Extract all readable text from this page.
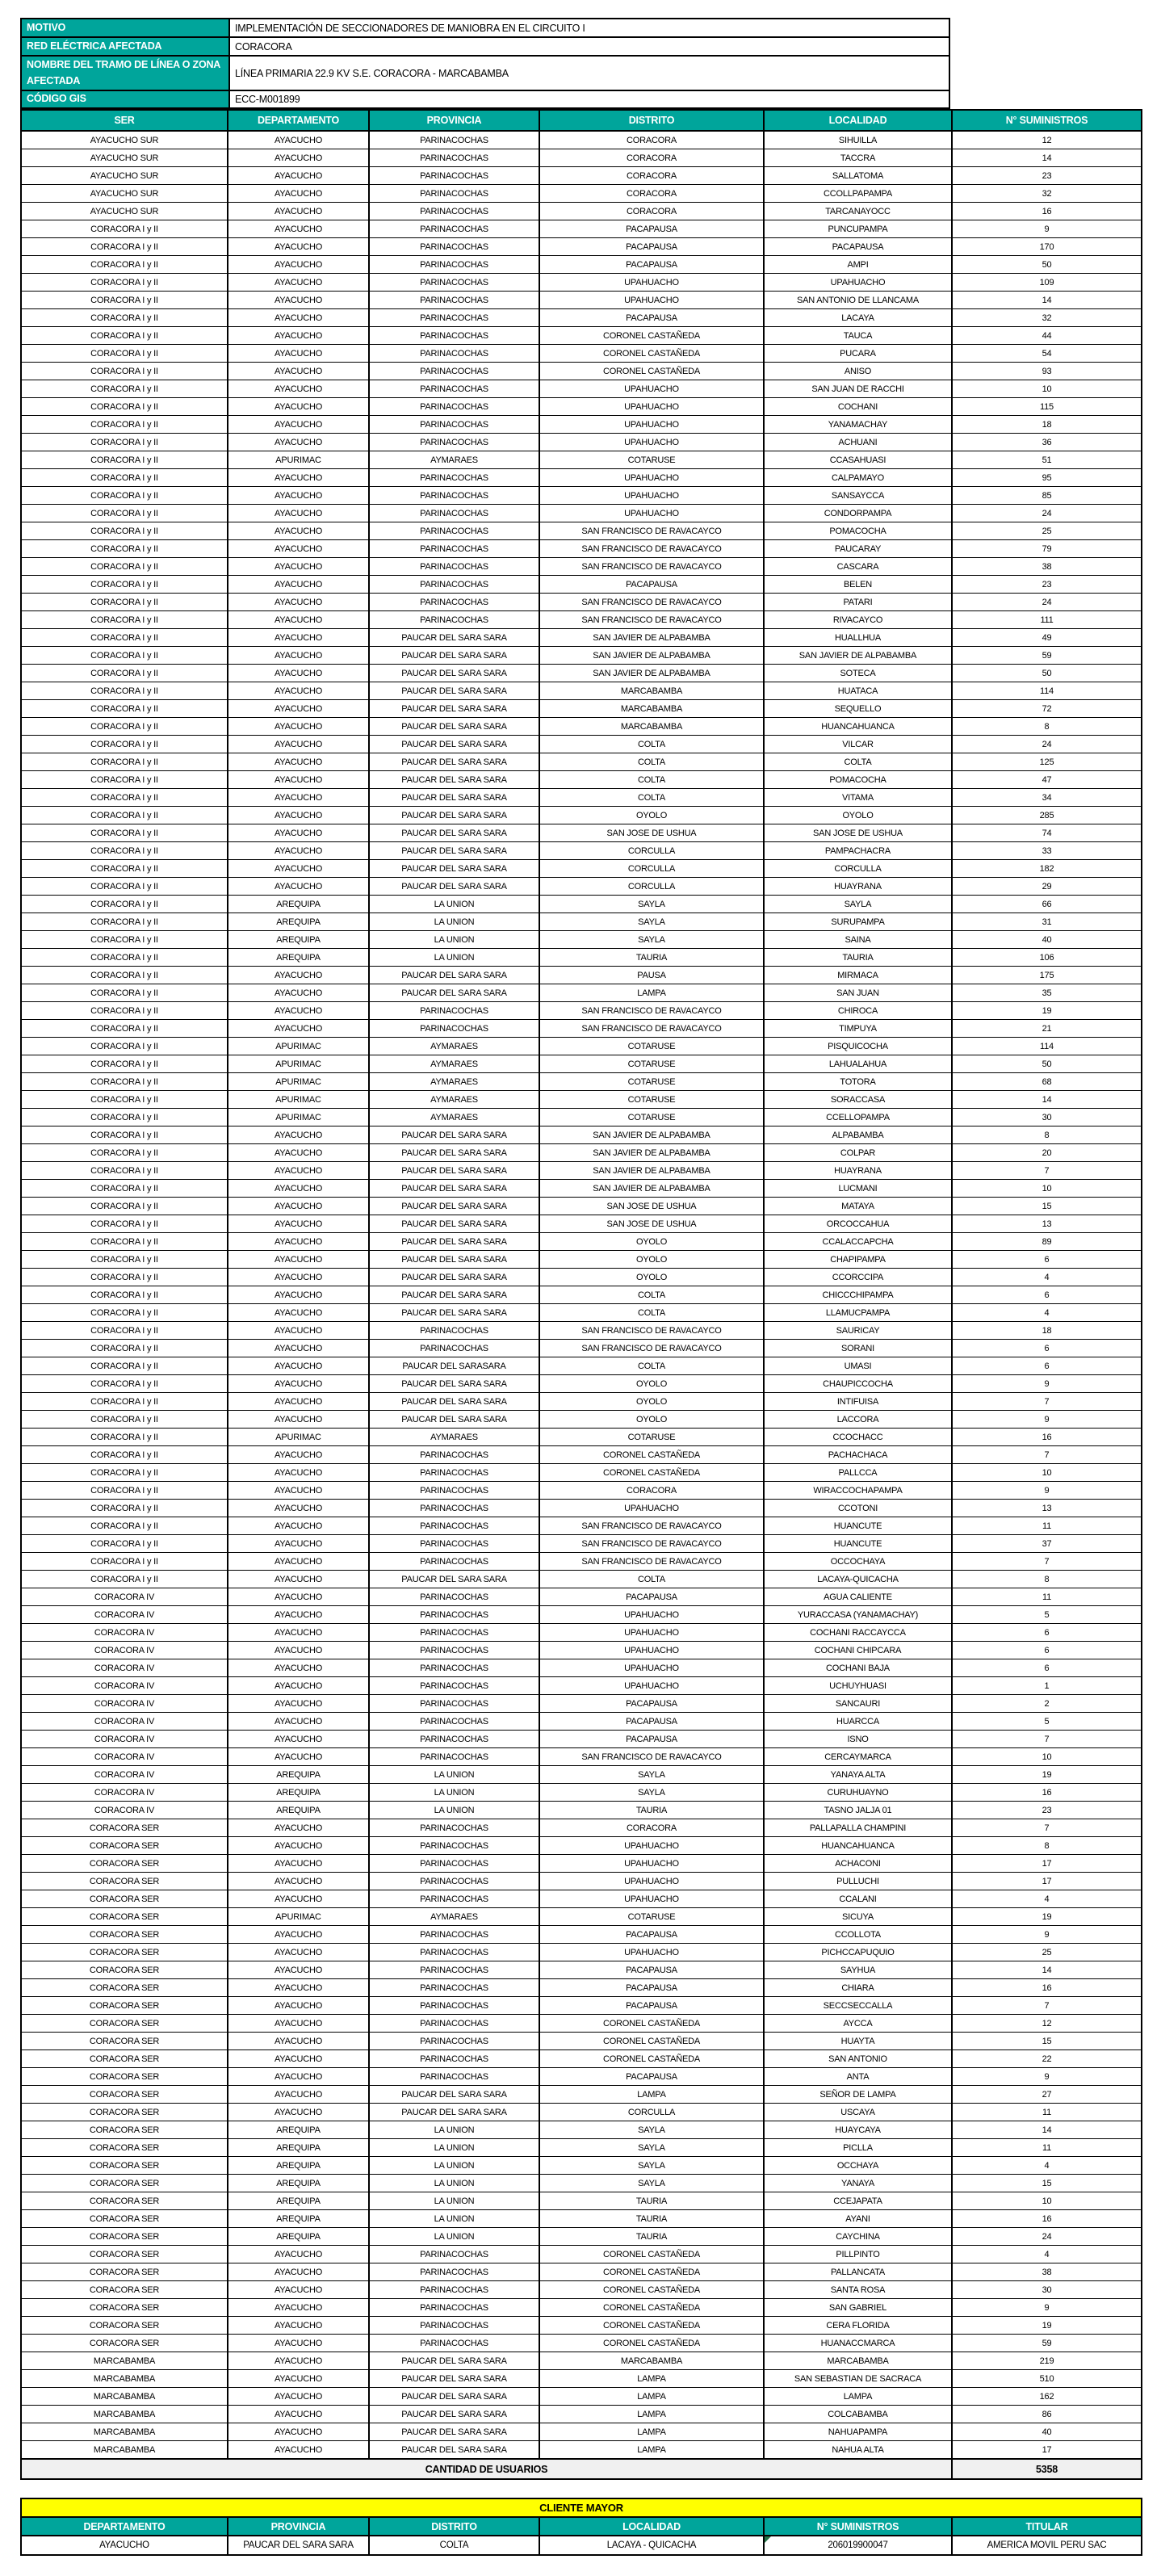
MOTIVO	IMPLEMENTACIÓN DE SECCIONADORES DE MANIOBRA EN EL CIRCUITO I
RED ELÉCTRICA AFECTADA	CORACORA
NOMBRE DEL TRAMO DE LÍNEA O ZONA AFECTADA	LÍNEA PRIMARIA 22.9 KV S.E. CORACORA - MARCABAMBA
CÓDIGO GIS	ECC-M001899
SER	DEPARTAMENTO	PROVINCIA	DISTRITO	LOCALIDAD	N° SUMINISTROS
AYACUCHO SUR	AYACUCHO	PARINACOCHAS	CORACORA	SIHUILLA	12
AYACUCHO SUR	AYACUCHO	PARINACOCHAS	CORACORA	TACCRA	14
AYACUCHO SUR	AYACUCHO	PARINACOCHAS	CORACORA	SALLATOMA	23
AYACUCHO SUR	AYACUCHO	PARINACOCHAS	CORACORA	CCOLLPAPAMPA	32
AYACUCHO SUR	AYACUCHO	PARINACOCHAS	CORACORA	TARCANAYOCC	16
CORACORA I y II	AYACUCHO	PARINACOCHAS	PACAPAUSA	PUNCUPAMPA	9
CORACORA I y II	AYACUCHO	PARINACOCHAS	PACAPAUSA	PACAPAUSA	170
CORACORA I y II	AYACUCHO	PARINACOCHAS	PACAPAUSA	AMPI	50
CORACORA I y II	AYACUCHO	PARINACOCHAS	UPAHUACHO	UPAHUACHO	109
CORACORA I y II	AYACUCHO	PARINACOCHAS	UPAHUACHO	SAN ANTONIO DE LLANCAMA	14
CORACORA I y II	AYACUCHO	PARINACOCHAS	PACAPAUSA	LACAYA	32
CORACORA I y II	AYACUCHO	PARINACOCHAS	CORONEL CASTAÑEDA	TAUCA	44
CORACORA I y II	AYACUCHO	PARINACOCHAS	CORONEL CASTAÑEDA	PUCARA	54
CORACORA I y II	AYACUCHO	PARINACOCHAS	CORONEL CASTAÑEDA	ANISO	93
CORACORA I y II	AYACUCHO	PARINACOCHAS	UPAHUACHO	SAN JUAN DE RACCHI	10
CORACORA I y II	AYACUCHO	PARINACOCHAS	UPAHUACHO	COCHANI	115
CORACORA I y II	AYACUCHO	PARINACOCHAS	UPAHUACHO	YANAMACHAY	18
CORACORA I y II	AYACUCHO	PARINACOCHAS	UPAHUACHO	ACHUANI	36
CORACORA I y II	APURIMAC	AYMARAES	COTARUSE	CCASAHUASI	51
CORACORA I y II	AYACUCHO	PARINACOCHAS	UPAHUACHO	CALPAMAYO	95
CORACORA I y II	AYACUCHO	PARINACOCHAS	UPAHUACHO	SANSAYCCA	85
CORACORA I y II	AYACUCHO	PARINACOCHAS	UPAHUACHO	CONDORPAMPA	24
CORACORA I y II	AYACUCHO	PARINACOCHAS	SAN FRANCISCO DE RAVACAYCO	POMACOCHA	25
CORACORA I y II	AYACUCHO	PARINACOCHAS	SAN FRANCISCO DE RAVACAYCO	PAUCARAY	79
CORACORA I y II	AYACUCHO	PARINACOCHAS	SAN FRANCISCO DE RAVACAYCO	CASCARA	38
CORACORA I y II	AYACUCHO	PARINACOCHAS	PACAPAUSA	BELEN	23
CORACORA I y II	AYACUCHO	PARINACOCHAS	SAN FRANCISCO DE RAVACAYCO	PATARI	24
CORACORA I y II	AYACUCHO	PARINACOCHAS	SAN FRANCISCO DE RAVACAYCO	RIVACAYCO	111
CORACORA I y II	AYACUCHO	PAUCAR DEL SARA SARA	SAN JAVIER DE ALPABAMBA	HUALLHUA	49
CORACORA I y II	AYACUCHO	PAUCAR DEL SARA SARA	SAN JAVIER DE ALPABAMBA	SAN JAVIER DE ALPABAMBA	59
CORACORA I y II	AYACUCHO	PAUCAR DEL SARA SARA	SAN JAVIER DE ALPABAMBA	SOTECA	50
CORACORA I y II	AYACUCHO	PAUCAR DEL SARA SARA	MARCABAMBA	HUATACA	114
CORACORA I y II	AYACUCHO	PAUCAR DEL SARA SARA	MARCABAMBA	SEQUELLO	72
CORACORA I y II	AYACUCHO	PAUCAR DEL SARA SARA	MARCABAMBA	HUANCAHUANCA	8
CORACORA I y II	AYACUCHO	PAUCAR DEL SARA SARA	COLTA	VILCAR	24
CORACORA I y II	AYACUCHO	PAUCAR DEL SARA SARA	COLTA	COLTA	125
CORACORA I y II	AYACUCHO	PAUCAR DEL SARA SARA	COLTA	POMACOCHA	47
CORACORA I y II	AYACUCHO	PAUCAR DEL SARA SARA	COLTA	VITAMA	34
CORACORA I y II	AYACUCHO	PAUCAR DEL SARA SARA	OYOLO	OYOLO	285
CORACORA I y II	AYACUCHO	PAUCAR DEL SARA SARA	SAN JOSE DE USHUA	SAN JOSE DE USHUA	74
CORACORA I y II	AYACUCHO	PAUCAR DEL SARA SARA	CORCULLA	PAMPACHACRA	33
CORACORA I y II	AYACUCHO	PAUCAR DEL SARA SARA	CORCULLA	CORCULLA	182
CORACORA I y II	AYACUCHO	PAUCAR DEL SARA SARA	CORCULLA	HUAYRANA	29
CORACORA I y II	AREQUIPA	LA UNION	SAYLA	SAYLA	66
CORACORA I y II	AREQUIPA	LA UNION	SAYLA	SURUPAMPA	31
CORACORA I y II	AREQUIPA	LA UNION	SAYLA	SAINA	40
CORACORA I y II	AREQUIPA	LA UNION	TAURIA	TAURIA	106
CORACORA I y II	AYACUCHO	PAUCAR DEL SARA SARA	PAUSA	MIRMACA	175
CORACORA I y II	AYACUCHO	PAUCAR DEL SARA SARA	LAMPA	SAN JUAN	35
CORACORA I y II	AYACUCHO	PARINACOCHAS	SAN FRANCISCO DE RAVACAYCO	CHIROCA	19
CORACORA I y II	AYACUCHO	PARINACOCHAS	SAN FRANCISCO DE RAVACAYCO	TIMPUYA	21
CORACORA I y II	APURIMAC	AYMARAES	COTARUSE	PISQUICOCHA	114
CORACORA I y II	APURIMAC	AYMARAES	COTARUSE	LAHUALAHUA	50
CORACORA I y II	APURIMAC	AYMARAES	COTARUSE	TOTORA	68
CORACORA I y II	APURIMAC	AYMARAES	COTARUSE	SORACCASA	14
CORACORA I y II	APURIMAC	AYMARAES	COTARUSE	CCELLOPAMPA	30
CORACORA I y II	AYACUCHO	PAUCAR DEL SARA SARA	SAN JAVIER DE ALPABAMBA	ALPABAMBA	8
CORACORA I y II	AYACUCHO	PAUCAR DEL SARA SARA	SAN JAVIER DE ALPABAMBA	COLPAR	20
CORACORA I y II	AYACUCHO	PAUCAR DEL SARA SARA	SAN JAVIER DE ALPABAMBA	HUAYRANA	7
CORACORA I y II	AYACUCHO	PAUCAR DEL SARA SARA	SAN JAVIER DE ALPABAMBA	LUCMANI	10
CORACORA I y II	AYACUCHO	PAUCAR DEL SARA SARA	SAN JOSE DE USHUA	MATAYA	15
CORACORA I y II	AYACUCHO	PAUCAR DEL SARA SARA	SAN JOSE DE USHUA	ORCOCCAHUA	13
CORACORA I y II	AYACUCHO	PAUCAR DEL SARA SARA	OYOLO	CCALACCAPCHA	89
CORACORA I y II	AYACUCHO	PAUCAR DEL SARA SARA	OYOLO	CHAPIPAMPA	6
CORACORA I y II	AYACUCHO	PAUCAR DEL SARA SARA	OYOLO	CCORCCIPA	4
CORACORA I y II	AYACUCHO	PAUCAR DEL SARA SARA	COLTA	CHICCCHIPAMPA	6
CORACORA I y II	AYACUCHO	PAUCAR DEL SARA SARA	COLTA	LLAMUCPAMPA	4
CORACORA I y II	AYACUCHO	PARINACOCHAS	SAN FRANCISCO DE RAVACAYCO	SAURICAY	18
CORACORA I y II	AYACUCHO	PARINACOCHAS	SAN FRANCISCO DE RAVACAYCO	SORANI	6
CORACORA I y II	AYACUCHO	PAUCAR DEL SARASARA	COLTA	UMASI	6
CORACORA I y II	AYACUCHO	PAUCAR DEL SARA SARA	OYOLO	CHAUPICCOCHA	9
CORACORA I y II	AYACUCHO	PAUCAR DEL SARA SARA	OYOLO	INTIFUISA	7
CORACORA I y II	AYACUCHO	PAUCAR DEL SARA SARA	OYOLO	LACCORA	9
CORACORA I y II	APURIMAC	AYMARAES	COTARUSE	CCOCHACC	16
CORACORA I y II	AYACUCHO	PARINACOCHAS	CORONEL CASTAÑEDA	PACHACHACA	7
CORACORA I y II	AYACUCHO	PARINACOCHAS	CORONEL CASTAÑEDA	PALLCCA	10
CORACORA I y II	AYACUCHO	PARINACOCHAS	CORACORA	WIRACCOCHAPAMPA	9
CORACORA I y II	AYACUCHO	PARINACOCHAS	UPAHUACHO	CCOTONI	13
CORACORA I y II	AYACUCHO	PARINACOCHAS	SAN FRANCISCO DE RAVACAYCO	HUANCUTE	11
CORACORA I y II	AYACUCHO	PARINACOCHAS	SAN FRANCISCO DE RAVACAYCO	HUANCUTE	37
CORACORA I y II	AYACUCHO	PARINACOCHAS	SAN FRANCISCO DE RAVACAYCO	OCCOCHAYA	7
CORACORA I y II	AYACUCHO	PAUCAR DEL SARA SARA	COLTA	LACAYA-QUICACHA	8
CORACORA IV	AYACUCHO	PARINACOCHAS	PACAPAUSA	AGUA CALIENTE	11
CORACORA IV	AYACUCHO	PARINACOCHAS	UPAHUACHO	YURACCASA (YANAMACHAY)	5
CORACORA IV	AYACUCHO	PARINACOCHAS	UPAHUACHO	COCHANI RACCAYCCA	6
CORACORA IV	AYACUCHO	PARINACOCHAS	UPAHUACHO	COCHANI CHIPCARA	6
CORACORA IV	AYACUCHO	PARINACOCHAS	UPAHUACHO	COCHANI BAJA	6
CORACORA IV	AYACUCHO	PARINACOCHAS	UPAHUACHO	UCHUYHUASI	1
CORACORA IV	AYACUCHO	PARINACOCHAS	PACAPAUSA	SANCAURI	2
CORACORA IV	AYACUCHO	PARINACOCHAS	PACAPAUSA	HUARCCA	5
CORACORA IV	AYACUCHO	PARINACOCHAS	PACAPAUSA	ISNO	7
CORACORA IV	AYACUCHO	PARINACOCHAS	SAN FRANCISCO DE RAVACAYCO	CERCAYMARCA	10
CORACORA IV	AREQUIPA	LA UNION	SAYLA	YANAYA ALTA	19
CORACORA IV	AREQUIPA	LA UNION	SAYLA	CURUHUAYNO	16
CORACORA IV	AREQUIPA	LA UNION	TAURIA	TASNO JALJA 01	23
CORACORA SER	AYACUCHO	PARINACOCHAS	CORACORA	PALLAPALLA CHAMPINI	7
CORACORA SER	AYACUCHO	PARINACOCHAS	UPAHUACHO	HUANCAHUANCA	8
CORACORA SER	AYACUCHO	PARINACOCHAS	UPAHUACHO	ACHACONI	17
CORACORA SER	AYACUCHO	PARINACOCHAS	UPAHUACHO	PULLUCHI	17
CORACORA SER	AYACUCHO	PARINACOCHAS	UPAHUACHO	CCALANI	4
CORACORA SER	APURIMAC	AYMARAES	COTARUSE	SICUYA	19
CORACORA SER	AYACUCHO	PARINACOCHAS	PACAPAUSA	CCOLLOTA	9
CORACORA SER	AYACUCHO	PARINACOCHAS	UPAHUACHO	PICHCCAPUQUIO	25
CORACORA SER	AYACUCHO	PARINACOCHAS	PACAPAUSA	SAYHUA	14
CORACORA SER	AYACUCHO	PARINACOCHAS	PACAPAUSA	CHIARA	16
CORACORA SER	AYACUCHO	PARINACOCHAS	PACAPAUSA	SECCSECCALLA	7
CORACORA SER	AYACUCHO	PARINACOCHAS	CORONEL CASTAÑEDA	AYCCA	12
CORACORA SER	AYACUCHO	PARINACOCHAS	CORONEL CASTAÑEDA	HUAYTA	15
CORACORA SER	AYACUCHO	PARINACOCHAS	CORONEL CASTAÑEDA	SAN ANTONIO	22
CORACORA SER	AYACUCHO	PARINACOCHAS	PACAPAUSA	ANTA	9
CORACORA SER	AYACUCHO	PAUCAR DEL SARA SARA	LAMPA	SEÑOR DE LAMPA	27
CORACORA SER	AYACUCHO	PAUCAR DEL SARA SARA	CORCULLA	USCAYA	11
CORACORA SER	AREQUIPA	LA UNION	SAYLA	HUAYCAYA	14
CORACORA SER	AREQUIPA	LA UNION	SAYLA	PICLLA	11
CORACORA SER	AREQUIPA	LA UNION	SAYLA	OCCHAYA	4
CORACORA SER	AREQUIPA	LA UNION	SAYLA	YANAYA	15
CORACORA SER	AREQUIPA	LA UNION	TAURIA	CCEJAPATA	10
CORACORA SER	AREQUIPA	LA UNION	TAURIA	AYANI	16
CORACORA SER	AREQUIPA	LA UNION	TAURIA	CAYCHINA	24
CORACORA SER	AYACUCHO	PARINACOCHAS	CORONEL CASTAÑEDA	PILLPINTO	4
CORACORA SER	AYACUCHO	PARINACOCHAS	CORONEL CASTAÑEDA	PALLANCATA	38
CORACORA SER	AYACUCHO	PARINACOCHAS	CORONEL CASTAÑEDA	SANTA ROSA	30
CORACORA SER	AYACUCHO	PARINACOCHAS	CORONEL CASTAÑEDA	SAN GABRIEL	9
CORACORA SER	AYACUCHO	PARINACOCHAS	CORONEL CASTAÑEDA	CERA FLORIDA	19
CORACORA SER	AYACUCHO	PARINACOCHAS	CORONEL CASTAÑEDA	HUANACCMARCA	59
MARCABAMBA	AYACUCHO	PAUCAR DEL SARA SARA	MARCABAMBA	MARCABAMBA	219
MARCABAMBA	AYACUCHO	PAUCAR DEL SARA SARA	LAMPA	SAN SEBASTIAN DE SACRACA	510
MARCABAMBA	AYACUCHO	PAUCAR DEL SARA SARA	LAMPA	LAMPA	162
MARCABAMBA	AYACUCHO	PAUCAR DEL SARA SARA	LAMPA	COLCABAMBA	86
MARCABAMBA	AYACUCHO	PAUCAR DEL SARA SARA	LAMPA	NAHUAPAMPA	40
MARCABAMBA	AYACUCHO	PAUCAR DEL SARA SARA	LAMPA	NAHUA ALTA	17
CANTIDAD DE USUARIOS					5358
CLIENTE MAYOR					
DEPARTAMENTO	PROVINCIA	DISTRITO	LOCALIDAD	N° SUMINISTROS	TITULAR
AYACUCHO	PAUCAR DEL SARA SARA	COLTA	LACAYA - QUICACHA	206019900047	AMERICA MOVIL PERU SAC
